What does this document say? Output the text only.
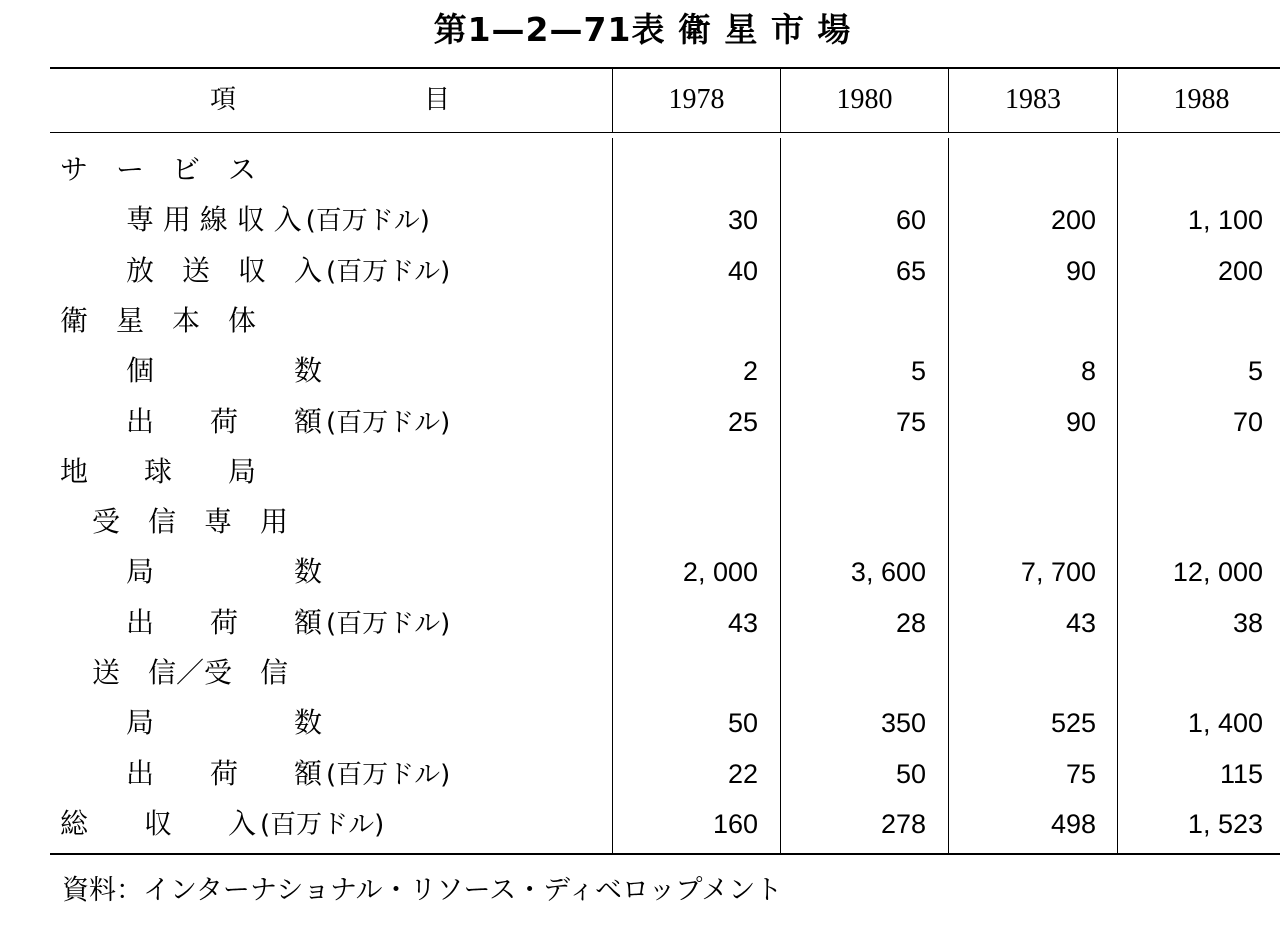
第1—2—71表 衛 星 市 場
項	目	1978	1980	1983	1988
サ　ー　ビ　ス
専 用 線 収 入 (百万ドル)	30	60	200	1, 100
放　送　収　入 (百万ドル)	40	65	90	200
衛　星　本　体
個　　　　　数	2	5	8	5
出　　荷　　額 (百万ドル)	25	75	90	70
地　　球　　局
受　信　専　用
局　　　　　数	2, 000	3, 600	7, 700	12, 000
出　　荷　　額 (百万ドル)	43	28	43	38
送　信／受　信
局　　　　　数	50	350	525	1, 400
出　　荷　　額 (百万ドル)	22	50	75	115
総　　収　　入 (百万ドル)	160	278	498	1, 523
資料：インターナショナル・リソース・ディベロップメント
